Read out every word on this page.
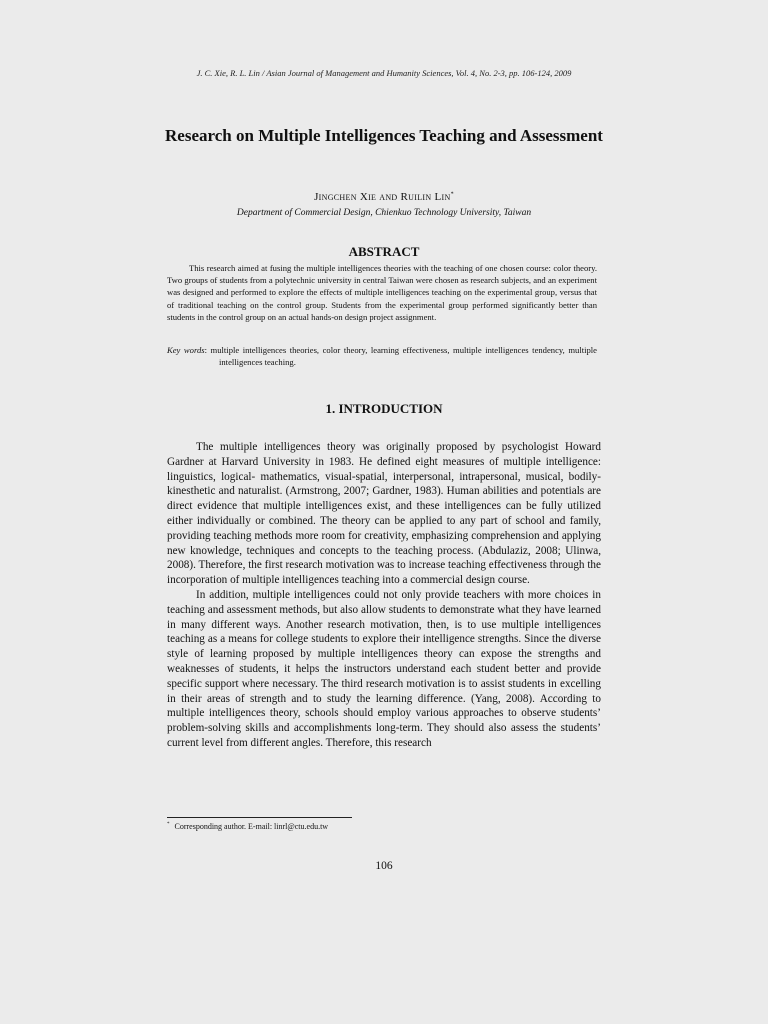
J. C. Xie, R. L. Lin / Asian Journal of Management and Humanity Sciences, Vol. 4, No. 2-3, pp. 106-124, 2009
Research on Multiple Intelligences Teaching and Assessment
Jingchen Xie and Ruilin Lin*
Department of Commercial Design, Chienkuo Technology University, Taiwan
ABSTRACT
This research aimed at fusing the multiple intelligences theories with the teaching of one chosen course: color theory. Two groups of students from a polytechnic university in central Taiwan were chosen as research subjects, and an experiment was designed and performed to explore the effects of multiple intelligences teaching on the experimental group, versus that of traditional teaching on the control group. Students from the experimental group performed significantly better than students in the control group on an actual hands-on design project assignment.
Key words: multiple intelligences theories, color theory, learning effectiveness, multiple intelligences tendency, multiple intelligences teaching.
1. INTRODUCTION

The multiple intelligences theory was originally proposed by psychologist Howard Gardner at Harvard University in 1983. He defined eight measures of multiple intelligence: linguistics, logical- mathematics, visual-spatial, interpersonal, intrapersonal, musical, bodily-kinesthetic and naturalist. (Armstrong, 2007; Gardner, 1983). Human abilities and potentials are direct evidence that multiple intelligences exist, and these intelligences can be fully utilized either individually or combined. The theory can be applied to any part of school and family, providing teaching methods more room for creativity, emphasizing comprehension and applying new knowledge, techniques and concepts to the teaching process. (Abdulaziz, 2008; Ulinwa, 2008). Therefore, the first research motivation was to increase teaching effectiveness through the incorporation of multiple intelligences teaching into a commercial design course.

In addition, multiple intelligences could not only provide teachers with more choices in teaching and assessment methods, but also allow students to demonstrate what they have learned in many different ways. Another research motivation, then, is to use multiple intelligences teaching as a means for college students to explore their intelligence strengths. Since the diverse style of learning proposed by multiple intelligences theory can expose the strengths and weaknesses of students, it helps the instructors understand each student better and provide specific support where necessary. The third research motivation is to assist students in excelling in their areas of strength and to study the learning difference. (Yang, 2008). According to multiple intelligences theory, schools should employ various approaches to observe students’ problem-solving skills and accomplishments long-term. They should also assess the students’ current level from different angles. Therefore, this research

* Corresponding author. E-mail: linrl@ctu.edu.tw
106
